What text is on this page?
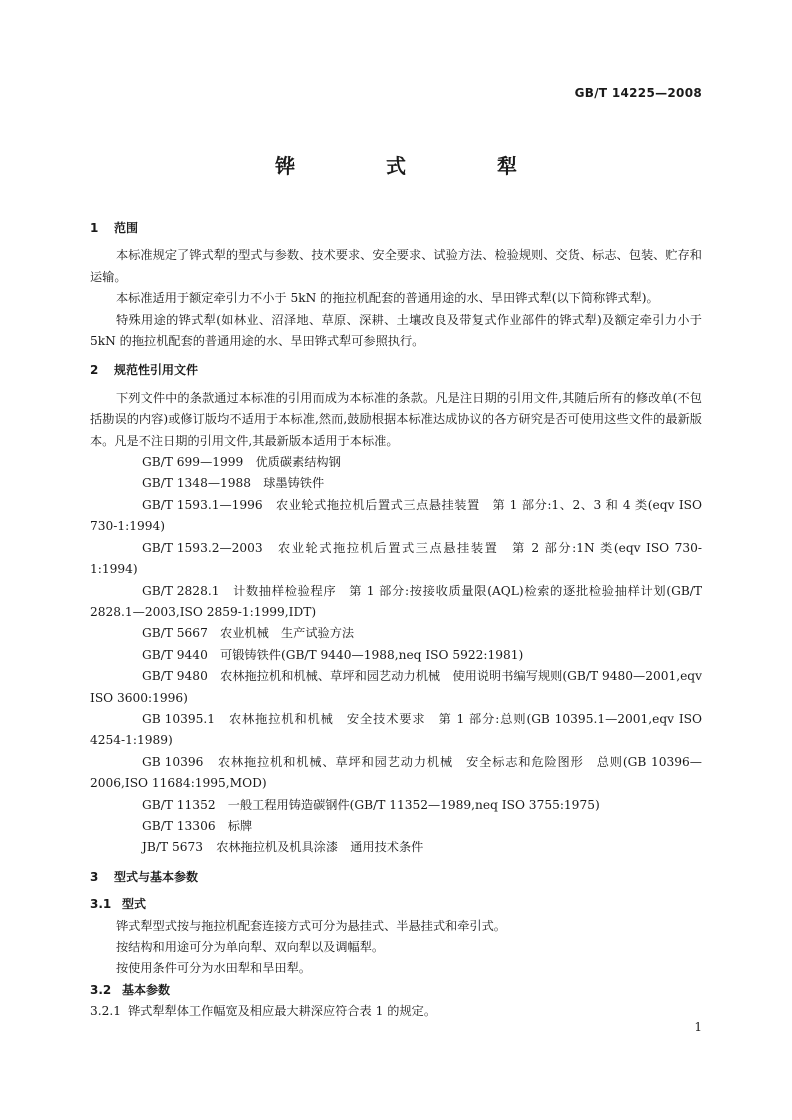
GB/T 14225—2008
铧 式 犁
1 范围

本标准规定了铧式犁的型式与参数、技术要求、安全要求、试验方法、检验规则、交货、标志、包装、贮存和运输。

本标准适用于额定牵引力不小于 5kN 的拖拉机配套的普通用途的水、旱田铧式犁(以下简称铧式犁)。

特殊用途的铧式犁(如林业、沼泽地、草原、深耕、土壤改良及带复式作业部件的铧式犁)及额定牵引力小于 5kN 的拖拉机配套的普通用途的水、旱田铧式犁可参照执行。

2 规范性引用文件

下列文件中的条款通过本标准的引用而成为本标准的条款。凡是注日期的引用文件,其随后所有的修改单(不包括勘误的内容)或修订版均不适用于本标准,然而,鼓励根据本标准达成协议的各方研究是否可使用这些文件的最新版本。凡是不注日期的引用文件,其最新版本适用于本标准。

GB/T 699—1999　 优质碳素结构钢

GB/T 1348—1988　 球墨铸铁件

GB/T 1593.1—1996　 农业轮式拖拉机后置式三点悬挂装置　第 1 部分:1、2、3 和 4 类(eqv ISO 730-1:1994)

GB/T 1593.2—2003　 农业轮式拖拉机后置式三点悬挂装置　第 2 部分:1N 类(eqv ISO 730-1:1994)

GB/T 2828.1　 计数抽样检验程序　第 1 部分:按接收质量限(AQL)检索的逐批检验抽样计划(GB/T 2828.1—2003,ISO 2859-1:1999,IDT)

GB/T 5667　 农业机械　生产试验方法

GB/T 9440　 可锻铸铁件(GB/T 9440—1988,neq ISO 5922:1981)

GB/T 9480　 农林拖拉机和机械、草坪和园艺动力机械　使用说明书编写规则(GB/T 9480—2001,eqv ISO 3600:1996)

GB 10395.1　 农林拖拉机和机械　安全技术要求　第 1 部分:总则(GB 10395.1—2001,eqv ISO 4254-1:1989)

GB 10396　 农林拖拉机和机械、草坪和园艺动力机械　安全标志和危险图形　总则(GB 10396—2006,ISO 11684:1995,MOD)

GB/T 11352　 一般工程用铸造碳钢件(GB/T 11352—1989,neq ISO 3755:1975)

GB/T 13306　 标牌

JB/T 5673　 农林拖拉机及机具涂漆　通用技术条件

3 型式与基本参数
3.1 型式

铧式犁型式按与拖拉机配套连接方式可分为悬挂式、半悬挂式和牵引式。

按结构和用途可分为单向犁、双向犁以及调幅犁。

按使用条件可分为水田犁和旱田犁。

3.2 基本参数

3.2.1 铧式犁犁体工作幅宽及相应最大耕深应符合表 1 的规定。

1
